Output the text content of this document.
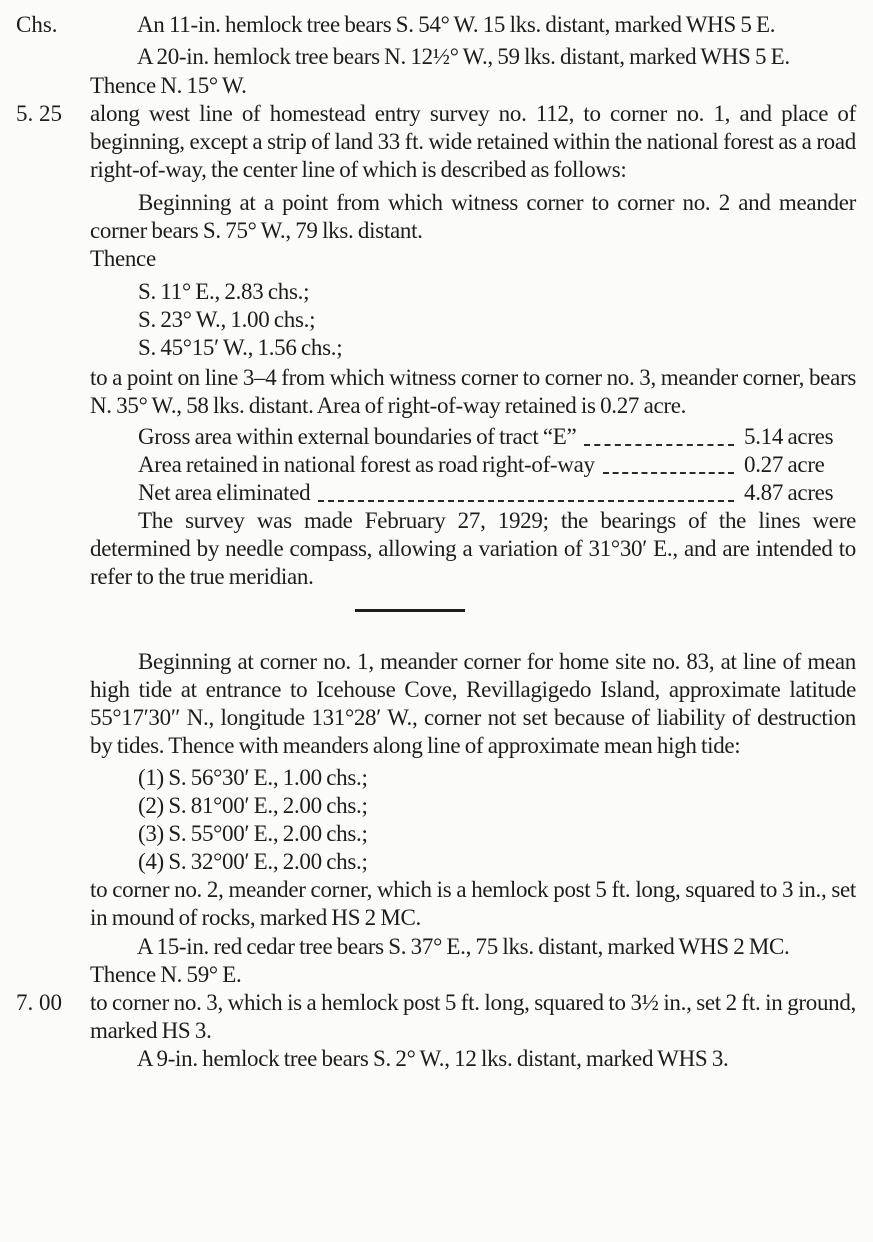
Chs.	An 11-in. hemlock tree bears S. 54° W. 15 lks. distant, marked WHS 5 E.

A 20-in. hemlock tree bears N. 12½° W., 59 lks. distant, marked WHS 5 E.

Thence N. 15° W.

5. 25	along west line of homestead entry survey no. 112, to corner no. 1, and place of beginning, except a strip of land 33 ft. wide retained within the national forest as a road right-of-way, the center line of which is described as follows:

Beginning at a point from which witness corner to corner no. 2 and meander corner bears S. 75° W., 79 lks. distant.

Thence

S. 11° E., 2.83 chs.;
S. 23° W., 1.00 chs.;
S. 45°15′ W., 1.56 chs.;

to a point on line 3–4 from which witness corner to corner no. 3, meander corner, bears N. 35° W., 58 lks. distant. Area of right-of-way retained is 0.27 acre.

Gross area within external boundaries of tract “E”	5.14 acres
Area retained in national forest as road right-of-way	0.27 acre
Net area eliminated	4.87 acres

The survey was made February 27, 1929; the bearings of the lines were determined by needle compass, allowing a variation of 31°30′ E., and are intended to refer to the true meridian.

Beginning at corner no. 1, meander corner for home site no. 83, at line of mean high tide at entrance to Icehouse Cove, Revillagigedo Island, approximate latitude 55°17′30″ N., longitude 131°28′ W., corner not set because of liability of destruction by tides. Thence with meanders along line of approximate mean high tide:

(1) S. 56°30′ E., 1.00 chs.;
(2) S. 81°00′ E., 2.00 chs.;
(3) S. 55°00′ E., 2.00 chs.;
(4) S. 32°00′ E., 2.00 chs.;

to corner no. 2, meander corner, which is a hemlock post 5 ft. long, squared to 3 in., set in mound of rocks, marked HS 2 MC.

A 15-in. red cedar tree bears S. 37° E., 75 lks. distant, marked WHS 2 MC.

Thence N. 59° E.

7. 00	to corner no. 3, which is a hemlock post 5 ft. long, squared to 3½ in., set 2 ft. in ground, marked HS 3.

A 9-in. hemlock tree bears S. 2° W., 12 lks. distant, marked WHS 3.
